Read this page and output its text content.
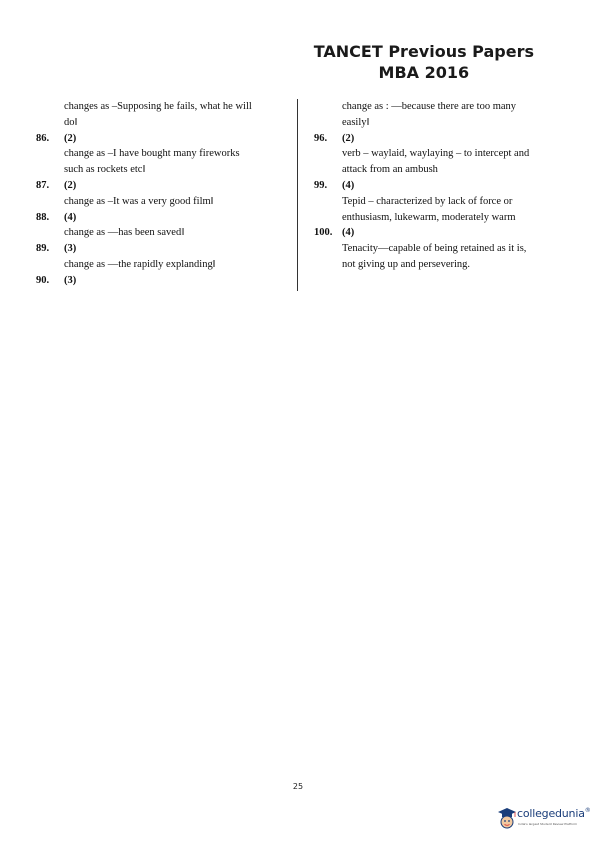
TANCET Previous Papers
MBA 2016
changes as –Supposing he fails, what he will
do‖
86. (2)
change as –I have bought many fireworks
such as rockets etc‖
87. (2)
change as –It was a very good film‖
88. (4)
change as —has been saved‖
89. (3)
change as —the rapidly explanding‖
90. (3)
change as : —because there are too many
easily‖
96. (2)
verb – waylaid, waylaying – to intercept and
attack from an ambush
99. (4)
Tepid – characterized by lack of force or
enthusiasm, lukewarm, moderately warm
100. (4)
Tenacity—capable of being retained as it is,
not giving up and persevering.
25
collegedunia®
India's largest Student Review Platform
